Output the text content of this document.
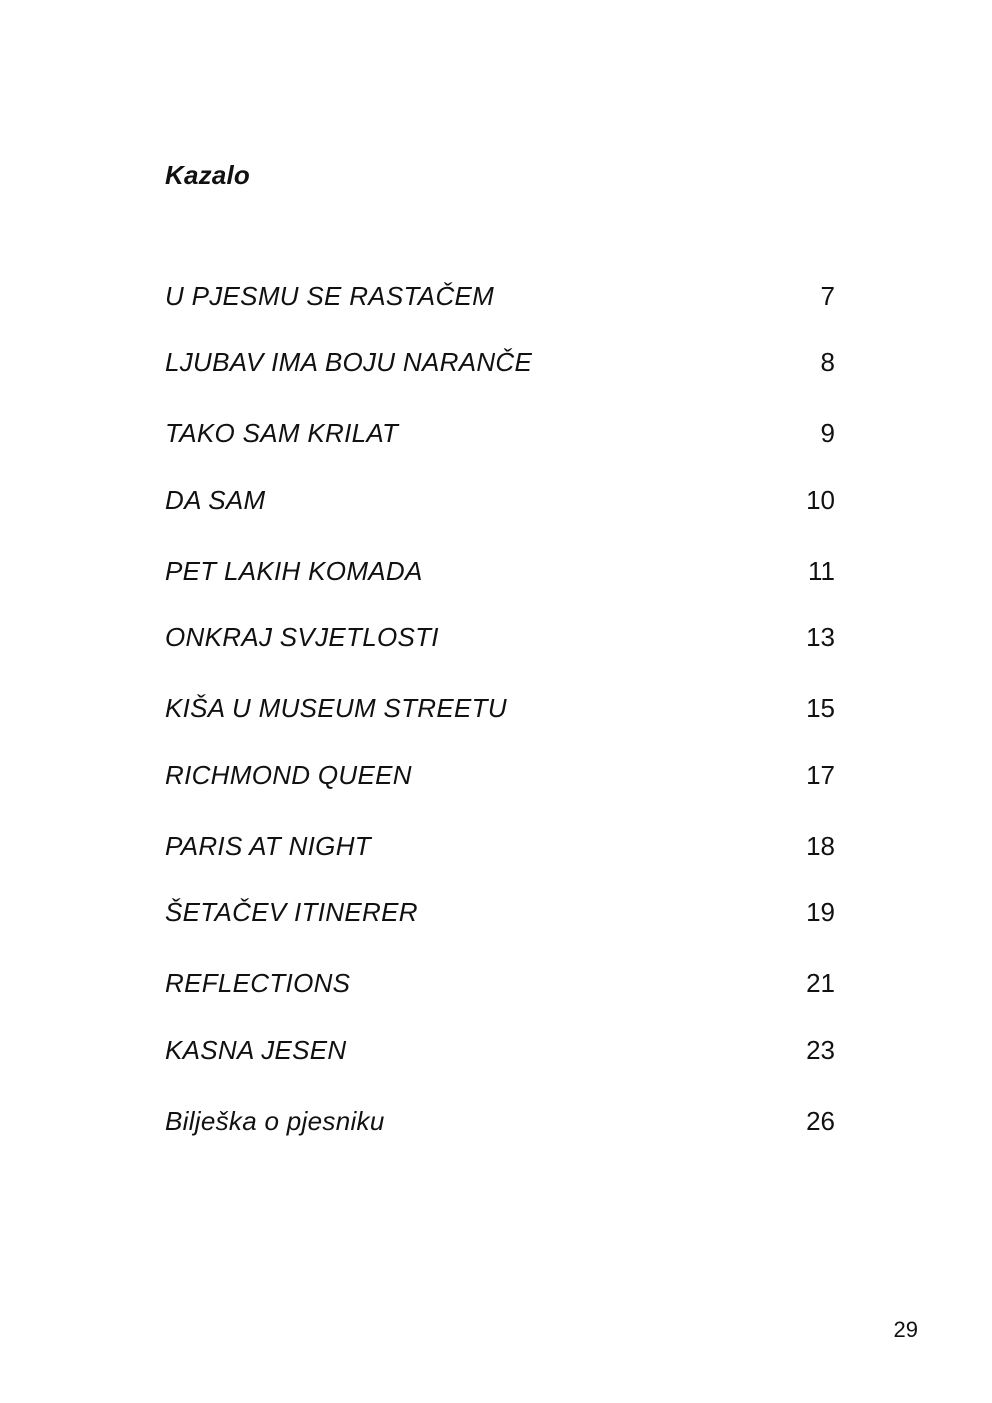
Kazalo
U PJESMU SE RASTAČEM	7
LJUBAV IMA BOJU NARANČE	8
TAKO SAM KRILAT	9
DA SAM	10
PET LAKIH KOMADA	11
ONKRAJ SVJETLOSTI	13
KIŠA U MUSEUM STREETU	15
RICHMOND QUEEN	17
PARIS AT NIGHT	18
ŠETAČEV ITINERER	19
REFLECTIONS	21
KASNA JESEN	23
Bilješka o pjesniku	26
29
